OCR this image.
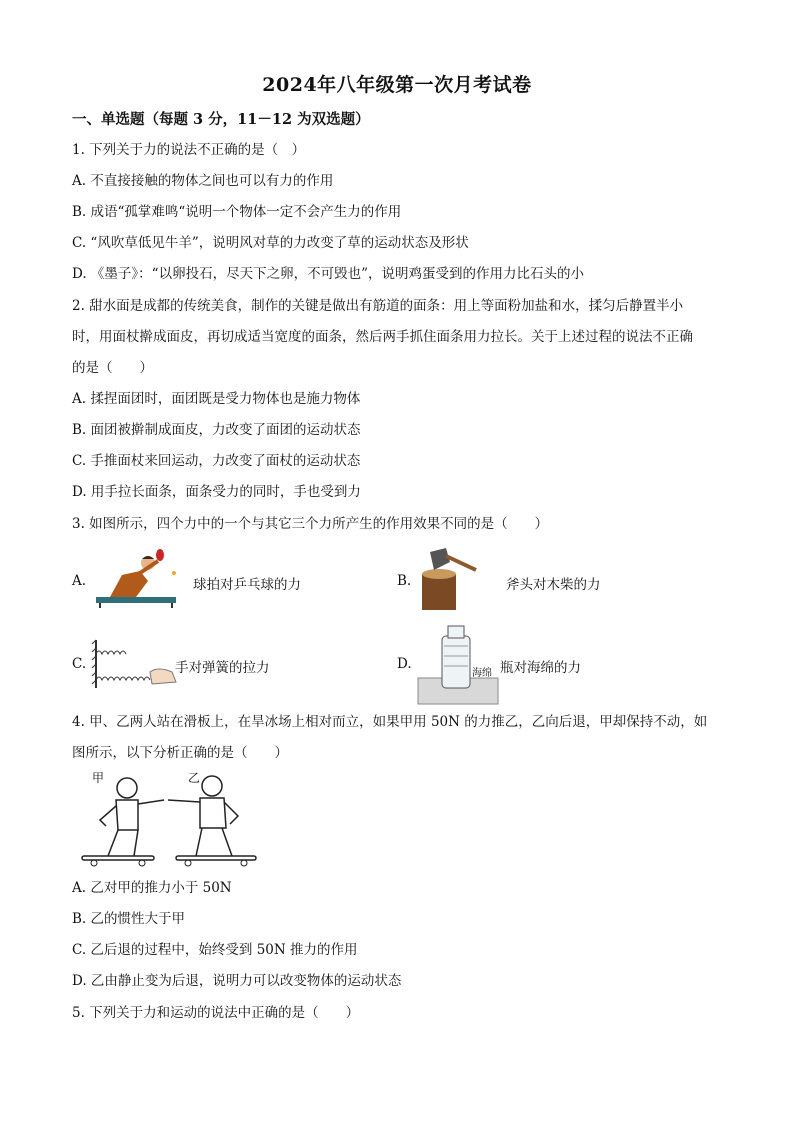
2024年八年级第一次月考试卷
一、单选题（每题 3 分，11－12 为双选题）
1. 下列关于力的说法不正确的是（　）
A. 不直接接触的物体之间也可以有力的作用
B. 成语“孤掌难鸣“说明一个物体一定不会产生力的作用
C. “风吹草低见牛羊”，说明风对草的力改变了草的运动状态及形状
D. 《墨子》：“以卵投石，尽天下之卵，不可毁也”，说明鸡蛋受到的作用力比石头的小
2. 甜水面是成都的传统美食，制作的关键是做出有筋道的面条：用上等面粉加盐和水，揉匀后静置半小
时，用面杖擀成面皮，再切成适当宽度的面条，然后两手抓住面条用力拉长。关于上述过程的说法不正确
的是（　　）
A. 揉捏面团时，面团既是受力物体也是施力物体
B. 面团被擀制成面皮，力改变了面团的运动状态
C. 手推面杖来回运动，力改变了面杖的运动状态
D. 用手拉长面条，面条受力的同时，手也受到力
3. 如图所示，四个力中的一个与其它三个力所产生的作用效果不同的是（　　）
A.	球拍对乒乓球的力	B.	斧头对木柴的力
C.	手对弹簧的拉力	D.
海绵 瓶对海绵的力
4. 甲、乙两人站在滑板上，在旱冰场上相对而立，如果甲用 50N 的力推乙，乙向后退，甲却保持不动，如
图所示，以下分析正确的是（　　）
甲	乙
A. 乙对甲的推力小于 50N
B. 乙的惯性大于甲
C. 乙后退的过程中，始终受到 50N 推力的作用
D. 乙由静止变为后退，说明力可以改变物体的运动状态
5. 下列关于力和运动的说法中正确的是（　　）
